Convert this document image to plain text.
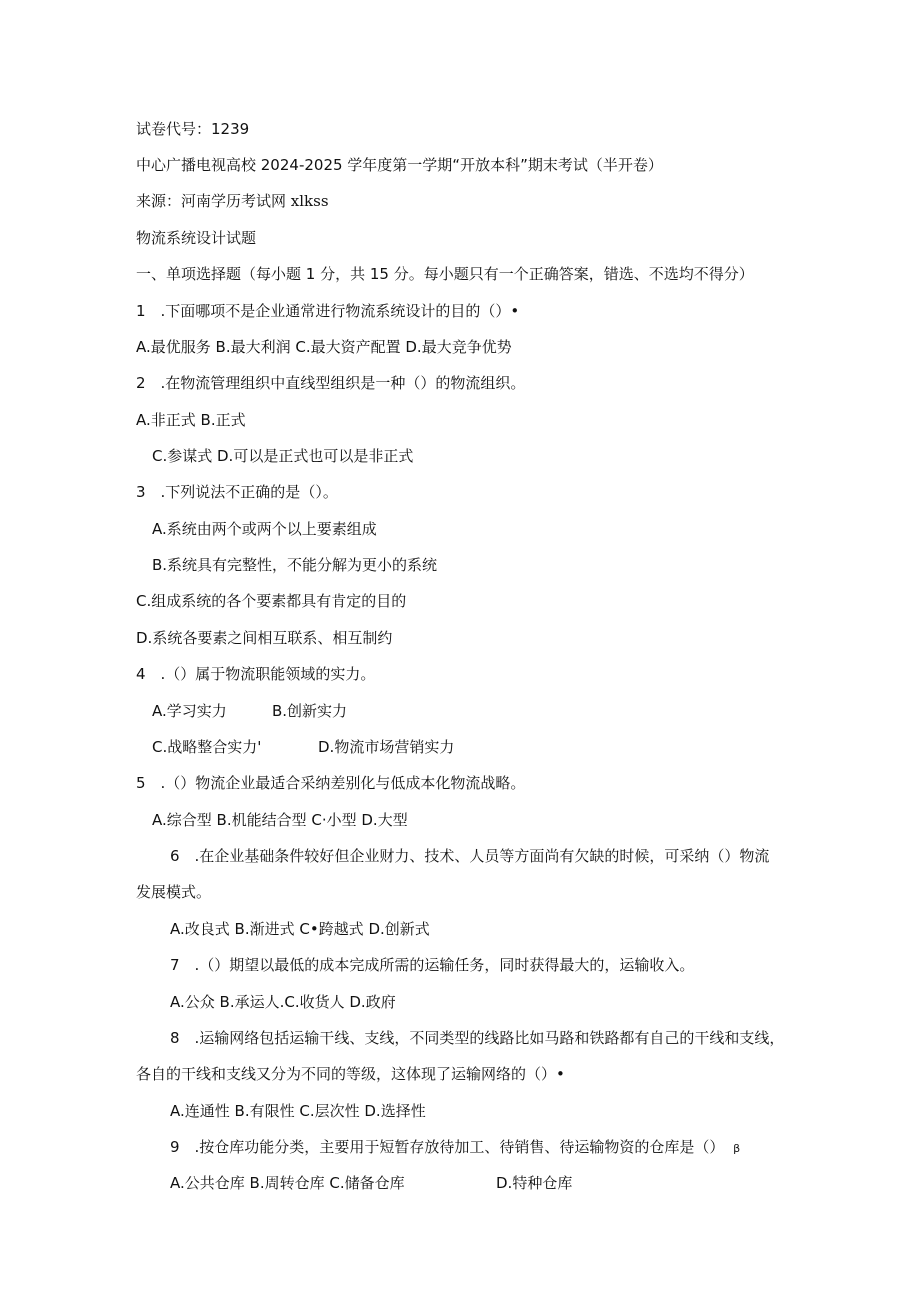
试卷代号：1239
中心广播电视高校 2024-2025 学年度第一学期“开放本科”期末考试（半开卷）
来源：河南学历考试网 xlkss
物流系统设计试题
一、单项选择题（每小题 1 分，共 15 分。每小题只有一个正确答案，错选、不选均不得分）
1　.下面哪项不是企业通常进行物流系统设计的目的（）•
A.最优服务 B.最大利润 C.最大资产配置 D.最大竞争优势
2　.在物流管理组织中直线型组织是一种（）的物流组织。
A.非正式 B.正式
C.参谋式 D.可以是正式也可以是非正式
3　.下列说法不正确的是（）。
A.系统由两个或两个以上要素组成
B.系统具有完整性，不能分解为更小的系统
C.组成系统的各个要素都具有肯定的目的
D.系统各要素之间相互联系、相互制约
4　.（）属于物流职能领域的实力。
A.学习实力	B.创新实力
C.战略整合实力'	D.物流市场营销实力
5　.（）物流企业最适合采纳差别化与低成本化物流战略。
A.综合型 B.机能结合型 C·小型 D.大型
6　.在企业基础条件较好但企业财力、技术、人员等方面尚有欠缺的时候，可采纳（）物流
发展模式。
A.改良式 B.渐进式 C•跨越式 D.创新式
7　.（）期望以最低的成本完成所需的运输任务，同时获得最大的，运输收入。
A.公众 B.承运人.C.收货人 D.政府
8　.运输网络包括运输干线、支线，不同类型的线路比如马路和铁路都有自己的干线和支线，
各自的干线和支线又分为不同的等级，这体现了运输网络的（）•
A.连通性 B.有限性 C.层次性 D.选择性
9　.按仓库功能分类，主要用于短暂存放待加工、待销售、待运输物资的仓库是（） β
A.公共仓库 B.周转仓库 C.储备仓库	D.特种仓库
